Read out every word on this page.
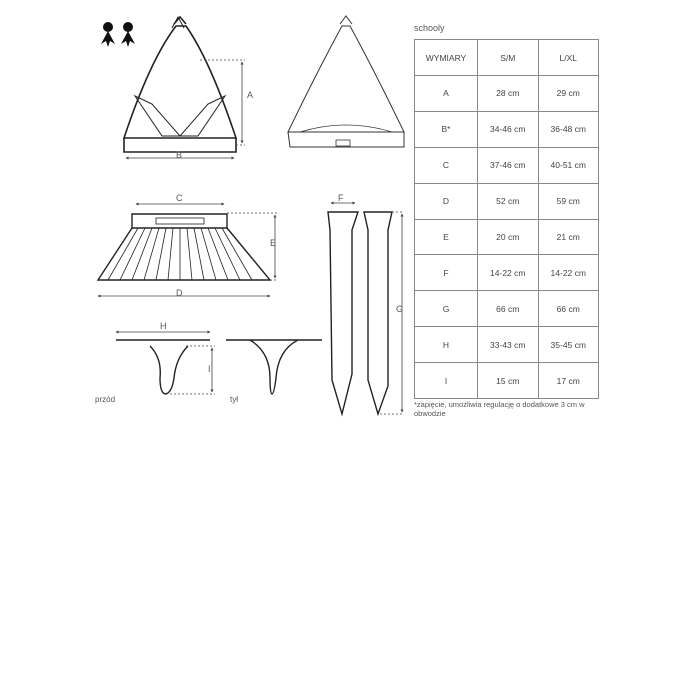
A
B
C
E
D
F
G
H
I
przód	tył
schooly
WYMIARY	S/M	L/XL
A	28 cm	29 cm
B*	34-46 cm	36-48 cm
C	37-46 cm	40-51 cm
D	52 cm	59 cm
E	20 cm	21 cm
F	14-22 cm	14-22 cm
G	66 cm	66 cm
H	33-43 cm	35-45 cm
I	15 cm	17 cm
*zapięcie, umożliwia regulację o dodatkowe 3 cm w obwodzie
